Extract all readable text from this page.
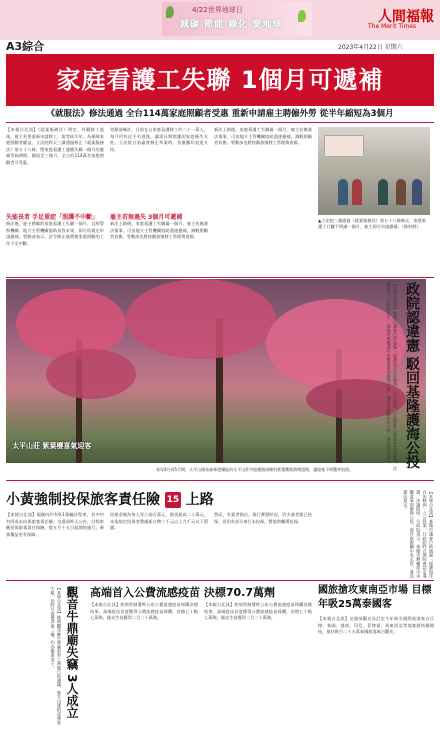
4/22世界地球日
減碳 節能 綠化 愛地球	人間福報
The Merit Times
A3綜合	2023年4月22日 星期六
家庭看護工失聯 1個月可遞補
《就服法》修法通過 全台114萬家庭照顧者受惠 重新申請雇主聘僱外勞 從半年縮短為3個月
【本報台北訊】《就業服務法》明定，外籍移工逃逸，雇主若要重新申請移工，需等候半年。為保障家庭照顧者權益，立法院昨天三讀通過修正《就業服務法》第五十八條，將家庭看護工連續失聯一個月的遞補等候時間，縮短至三個月，全台約114萬名家庭照顧者可受惠。
失能長者 手足重症「照護不中斷」
修法後，雇主聘僱的家庭看護工失聯一個月，且經警察機關、地方主管機關協助尋找未果，即可依規定申請遞補，勞動部表示，法令修正後將使家庭照顧的工作不至中斷。
勞動部統計，目前在台家庭看護移工約二十一萬人，每月約有近千名逃逸，讓需長期照護的家庭頓失支柱。立法院日前審查修正草案時，各黨團均表達支持。
雇主若無過失 3個月可遞補
新法上路後，家庭看護工失聯滿一個月，雇主若無違法情事，可由地方主管機關協助盡速遞補，減輕照顧者負擔。勞動部也將持續加強移工管理與查緝。
新法上路後，家庭看護工失聯滿一個月，雇主若無違法情事，可由地方主管機關協助盡速遞補，減輕照顧者負擔。勞動部也將持續加強移工管理與查緝。
▲立法院三讀通過《就業服務法》第五十八條修正，家庭看護工行蹤不明滿一個月，雇主即可申請遞補。（資料照）
太平山莊 紫葉櫻喜氣迎客
每年4月到5月間，太平山國家森林遊樂區的太平山莊中庭種植兩棵的紫葉櫻都熱鬧盛開，讓遊客不時驚呼拍照。
政院認違憲 駁回基隆護海公投
【本報台北訊】基隆市議會日前通過「保護海洋自治條例」之公投案，行政院昨召開院會認定違憲，決議駁回。行政院表示，基隆市無權就中央權責事項辦理公投，海洋資源屬中央主管，違反憲法規定。
小黃強制投保旅客責任險 15 上路
【本報台北訊】現國內約有9.1萬輛計程車，其中約有四成未投保旅客責任險，交通部昨天公告，計程車應投保旅客責任保險，從五月十五日起開始施行，乘客權益更有保障。
投保金額為每人死亡兩百萬元、傷害最高二十萬元，未依規定投保者將處新台幣三千元以上九千元以下罰鍰。
然而，有業者指出，現行實際狀況，許多業者都已投保，但仍有部分車行未投保，將協助輔導投保。	【本報台北訊】基隆市議會日前通過「保護海洋自治條例」之公投案，行政院昨召開院會認定違憲，決議駁回。行政院表示，基隆市無權就中央權責事項辦理公投，海洋資源屬中央主管，違反憲法規定。
觀音牛鼎廟失竊 3人成立
【本報台北訊】桃園觀音鄉牛鼎廟供奉之神像日前遭竊，警方迅速組成專案小組，於昨日查獲涉案三嫌，均為無業男子。	高端首入公費流感疫苗 決標70.7萬劑
【本報台北訊】疾病管制署昨公布公費流感疫苗採購決標結果，高端疫苗首度獲得公費流感疫苗採購，決標七十點七萬劑，國光生技獲得二百二十萬劑。
【本報台北訊】疾病管制署昨公布公費流感疫苗採購決標結果，高端疫苗首度獲得公費流感疫苗採購，決標七十點七萬劑，國光生技獲得二百二十萬劑。
國旅搶攻東南亞市場 目標年吸25萬泰國客
【本報台北訊】交通部觀光局訂定今年吸引國際旅客來台目標，泰國、越南、印尼、菲律賓、馬來西亞等地客源持續開拓，預估吸引二十五萬泰國旅客來台觀光。
